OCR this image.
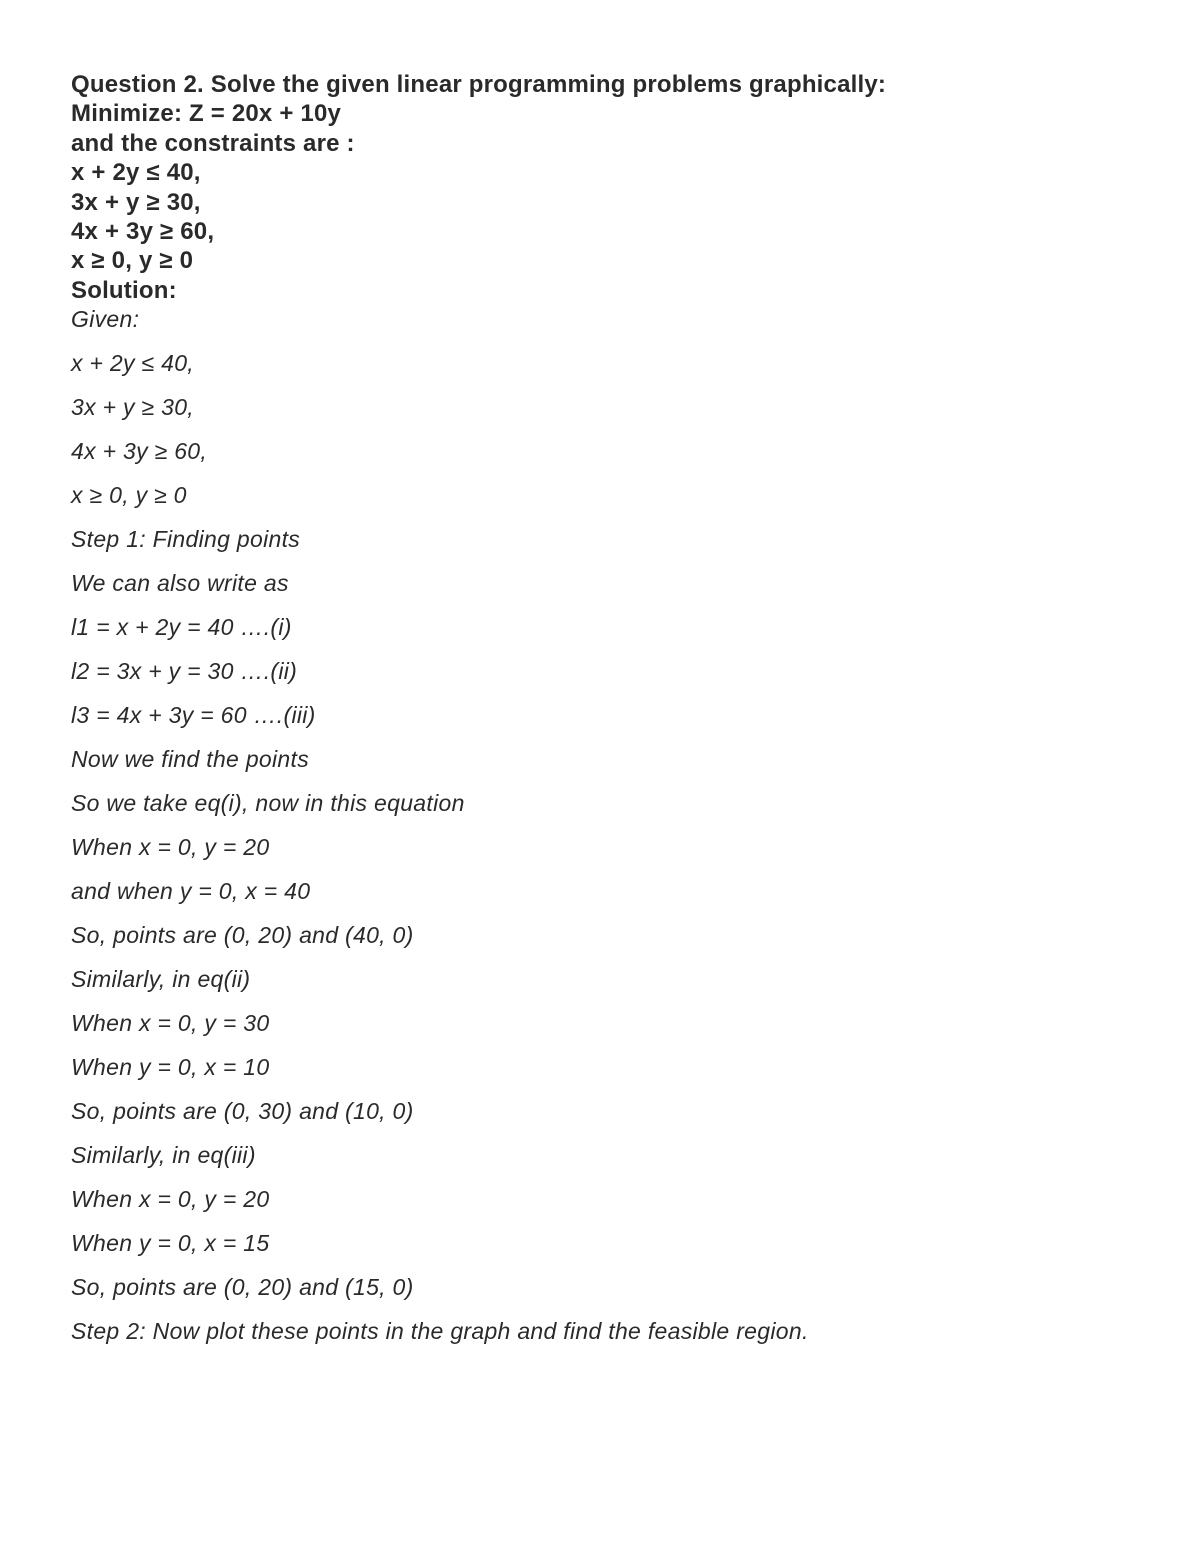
Question 2. Solve the given linear programming problems graphically:
Minimize: Z = 20x + 10y
and the constraints are :
x + 2y ≤ 40,
3x + y ≥ 30,
4x + 3y ≥ 60,
x ≥ 0, y ≥ 0
Solution:
Given:
x + 2y ≤ 40,
3x + y ≥ 30,
4x + 3y ≥ 60,
x ≥ 0, y ≥ 0
Step 1: Finding points
We can also write as
l1 = x + 2y = 40 ….(i)
l2 = 3x + y = 30 ….(ii)
l3 = 4x + 3y = 60 ….(iii)
Now we find the points
So we take eq(i), now in this equation
When x = 0, y = 20
and when y = 0, x = 40
So, points are (0, 20) and (40, 0)
Similarly, in eq(ii)
When x = 0, y = 30
When y = 0, x = 10
So, points are (0, 30) and (10, 0)
Similarly, in eq(iii)
When x = 0, y = 20
When y = 0, x = 15
So, points are (0, 20) and (15, 0)
Step 2: Now plot these points in the graph and find the feasible region.
